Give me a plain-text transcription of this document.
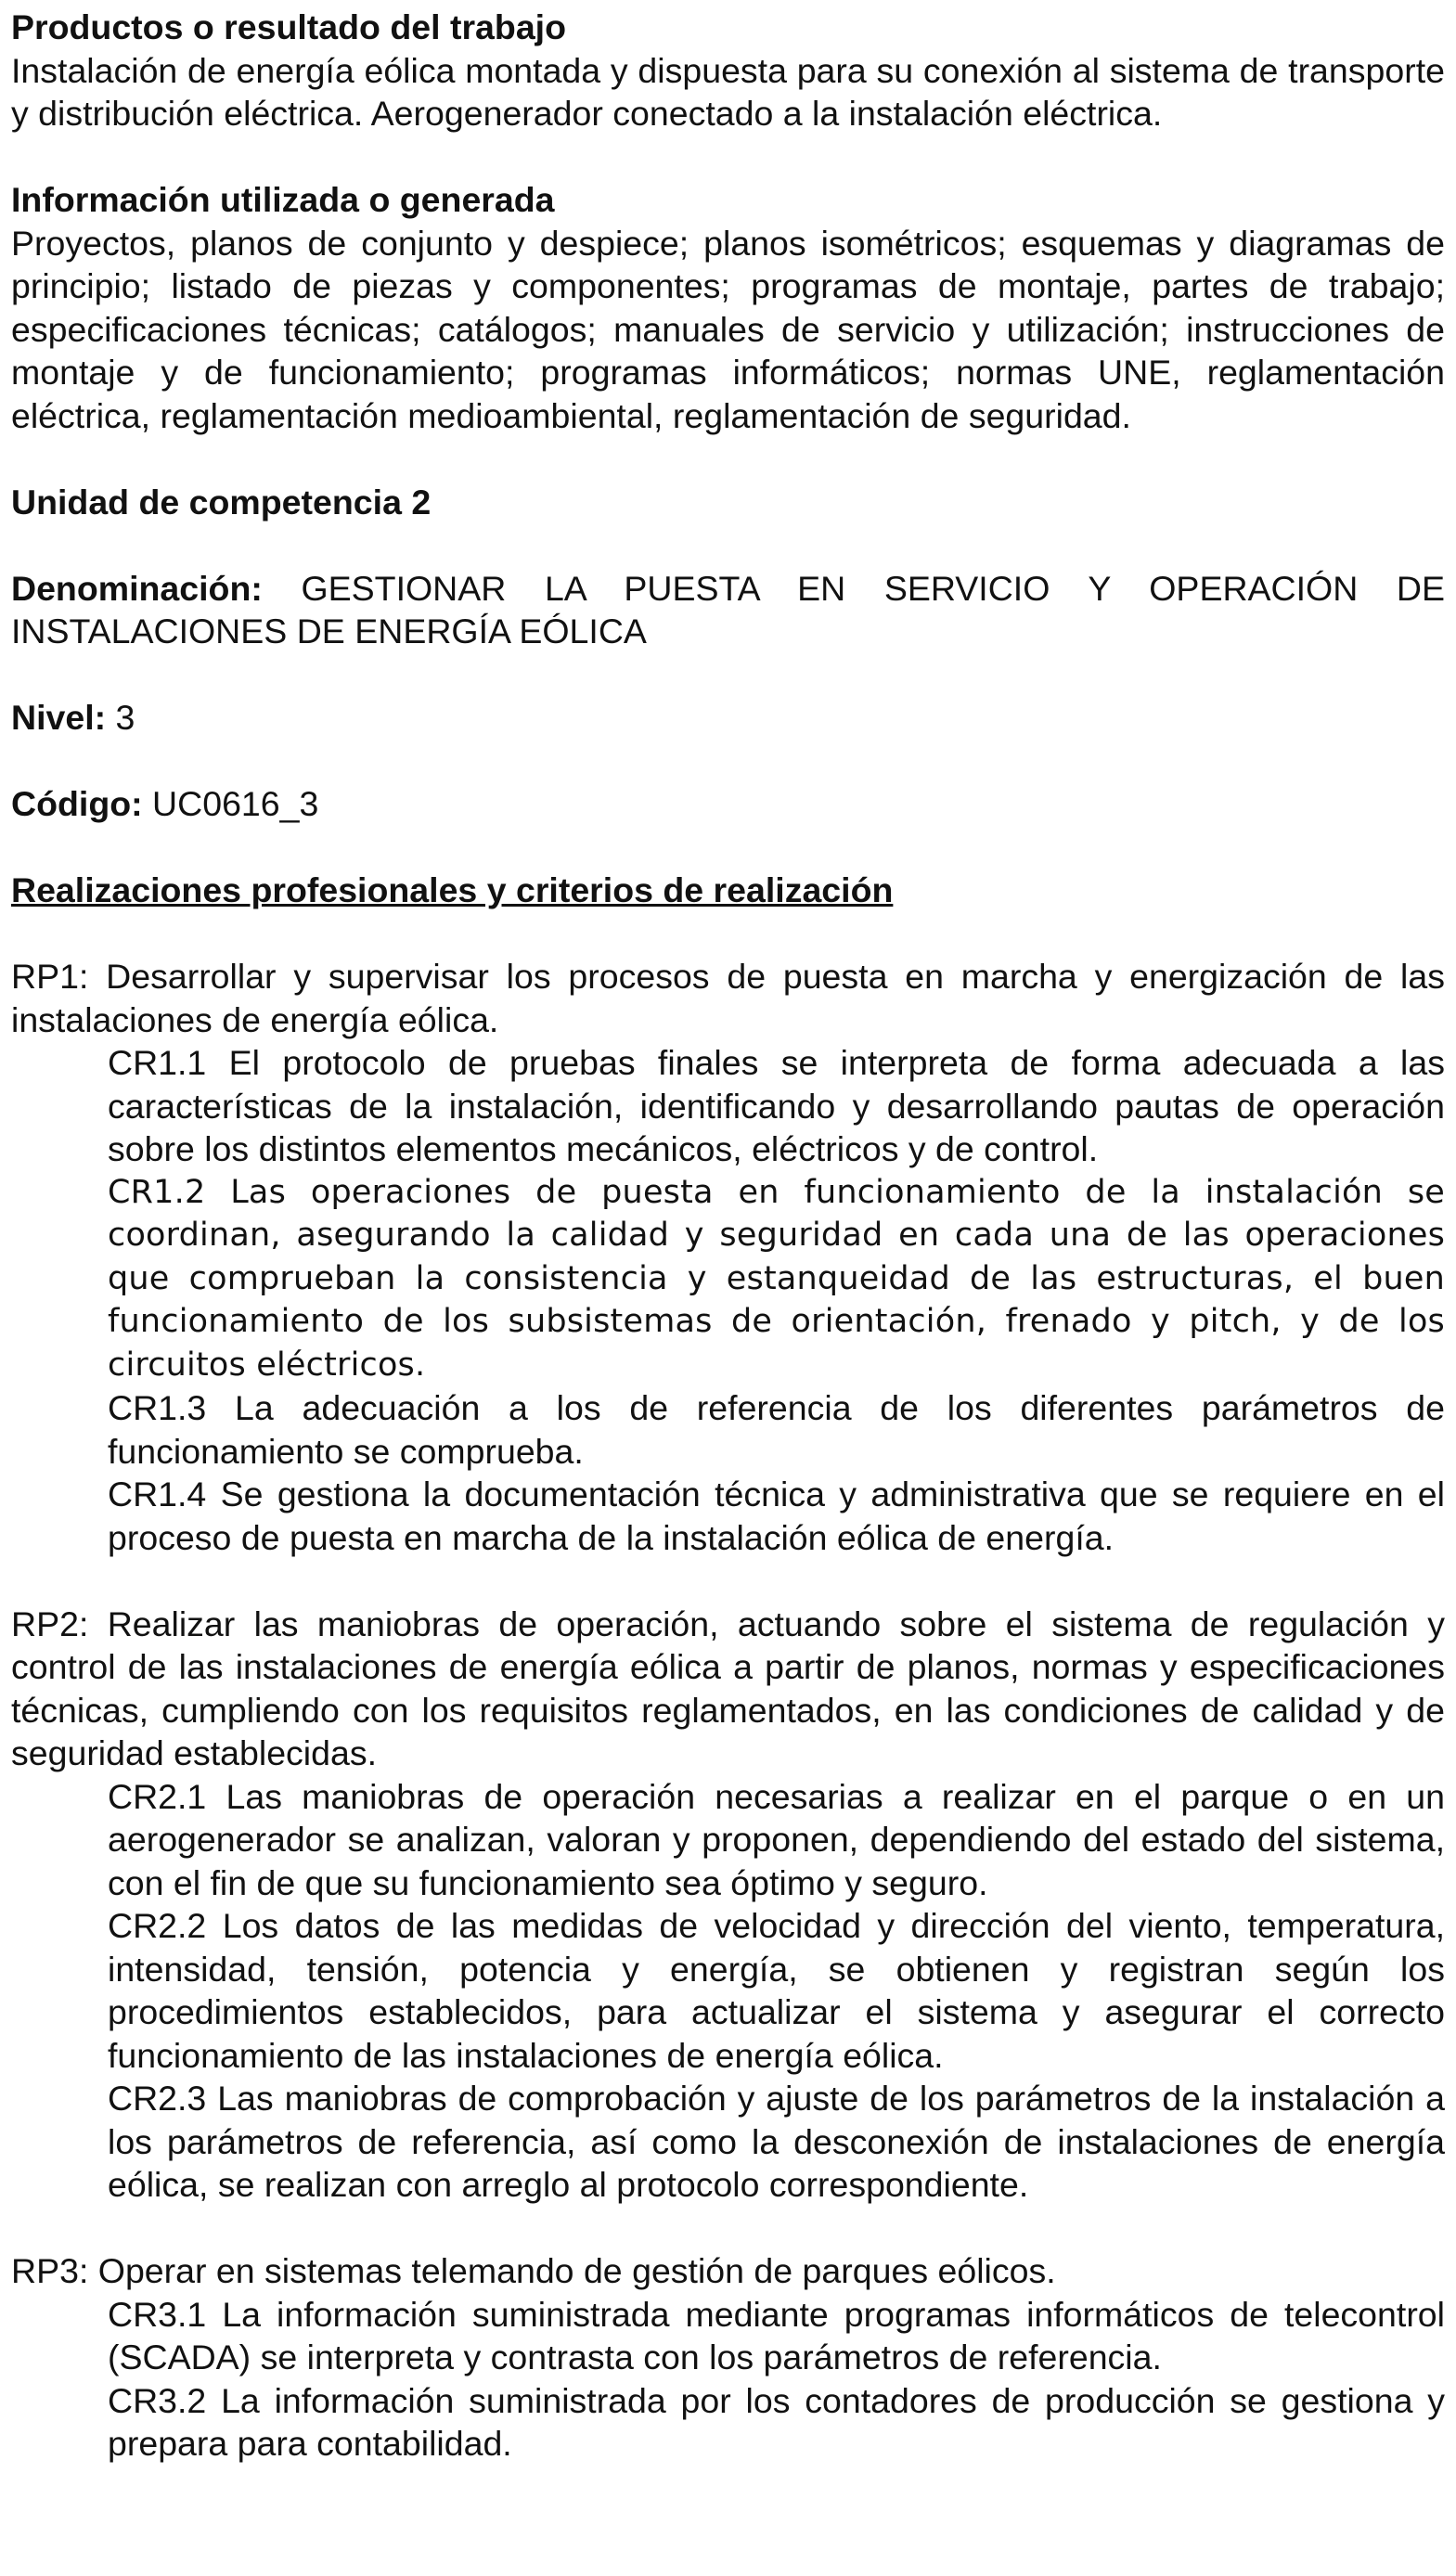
Productos o resultado del trabajo

Instalación de energía eólica montada y dispuesta para su conexión al sistema de transporte y distribución eléctrica. Aerogenerador conectado a la instalación eléctrica.

Información utilizada o generada

Proyectos, planos de conjunto y despiece; planos isométricos; esquemas y diagramas de principio; listado de piezas y componentes; programas de montaje, partes de trabajo; especificaciones técnicas; catálogos; manuales de servicio y utilización; instrucciones de montaje y de funcionamiento; programas informáticos; normas UNE, reglamentación eléctrica, reglamentación medioambiental, reglamentación de seguridad.

Unidad de competencia 2

Denominación: GESTIONAR LA PUESTA EN SERVICIO Y OPERACIÓN DE INSTALACIONES DE ENERGÍA EÓLICA

Nivel: 3

Código: UC0616_3

Realizaciones profesionales y criterios de realización

RP1: Desarrollar y supervisar los procesos de puesta en marcha y energización de las instalaciones de energía eólica.

CR1.1 El protocolo de pruebas finales se interpreta de forma adecuada a las características de la instalación, identificando y desarrollando pautas de operación sobre los distintos elementos mecánicos, eléctricos y de control.

CR1.2 Las operaciones de puesta en funcionamiento de la instalación se coordinan, asegurando la calidad y seguridad en cada una de las operaciones que comprueban la consistencia y estanqueidad de las estructuras, el buen funcionamiento de los subsistemas de orientación, frenado y pitch, y de los circuitos eléctricos.

CR1.3 La adecuación a los de referencia de los diferentes parámetros de funcionamiento se comprueba.

CR1.4 Se gestiona la documentación técnica y administrativa que se requiere en el proceso de puesta en marcha de la instalación eólica de energía.

RP2: Realizar las maniobras de operación, actuando sobre el sistema de regulación y control de las instalaciones de energía eólica a partir de planos, normas y especificaciones técnicas, cumpliendo con los requisitos reglamentados, en las condiciones de calidad y de seguridad establecidas.

CR2.1 Las maniobras de operación necesarias a realizar en el parque o en un aerogenerador se analizan, valoran y proponen, dependiendo del estado del sistema, con el fin de que su funcionamiento sea óptimo y seguro.

CR2.2 Los datos de las medidas de velocidad y dirección del viento, temperatura, intensidad, tensión, potencia y energía, se obtienen y registran según los procedimientos establecidos, para actualizar el sistema y asegurar el correcto funcionamiento de las instalaciones de energía eólica.

CR2.3 Las maniobras de comprobación y ajuste de los parámetros de la instalación a los parámetros de referencia, así como la desconexión de instalaciones de energía eólica, se realizan con arreglo al protocolo correspondiente.

RP3: Operar en sistemas telemando de gestión de parques eólicos.

CR3.1 La información suministrada mediante programas informáticos de telecontrol (SCADA) se interpreta y contrasta con los parámetros de referencia.

CR3.2 La información suministrada por los contadores de producción se gestiona y prepara para contabilidad.
